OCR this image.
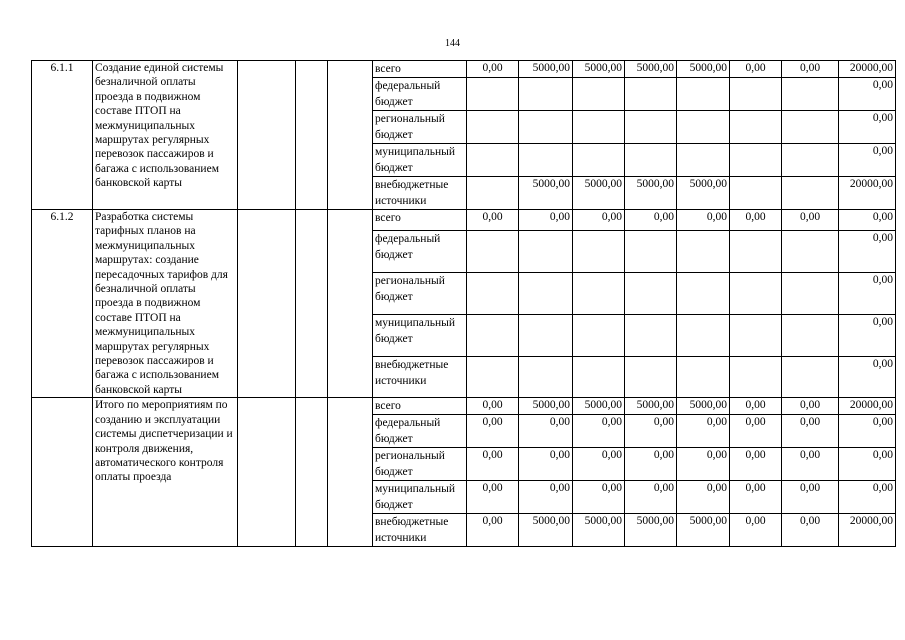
144
6.1.1	Создание единой системы безналичной оплаты проезда в подвижном составе ПТОП на межмуниципальных маршрутах регулярных перевозок пассажиров и багажа с использованием банковской карты				всего	0,00	5000,00	5000,00	5000,00	5000,00	0,00	0,00	20000,00
					федеральный бюджет								0,00
					региональный бюджет								0,00
					муниципальный бюджет								0,00
					внебюджетные источники		5000,00	5000,00	5000,00	5000,00			20000,00
6.1.2	Разработка системы тарифных планов на межмуниципальных маршрутах: создание пересадочных тарифов для безналичной оплаты проезда в подвижном составе ПТОП на межмуниципальных маршрутах регулярных перевозок пассажиров и багажа с использованием банковской карты				всего	0,00	0,00	0,00	0,00	0,00	0,00	0,00	0,00
					федеральный бюджет								0,00
					региональный бюджет								0,00
					муниципальный бюджет								0,00
					внебюджетные источники								0,00
	Итого по мероприятиям по созданию и эксплуатации системы диспетчеризации и контроля движения, автоматического контроля оплаты проезда				всего	0,00	5000,00	5000,00	5000,00	5000,00	0,00	0,00	20000,00
					федеральный бюджет	0,00	0,00	0,00	0,00	0,00	0,00	0,00	0,00
					региональный бюджет	0,00	0,00	0,00	0,00	0,00	0,00	0,00	0,00
					муниципальный бюджет	0,00	0,00	0,00	0,00	0,00	0,00	0,00	0,00
					внебюджетные источники	0,00	5000,00	5000,00	5000,00	5000,00	0,00	0,00	20000,00
